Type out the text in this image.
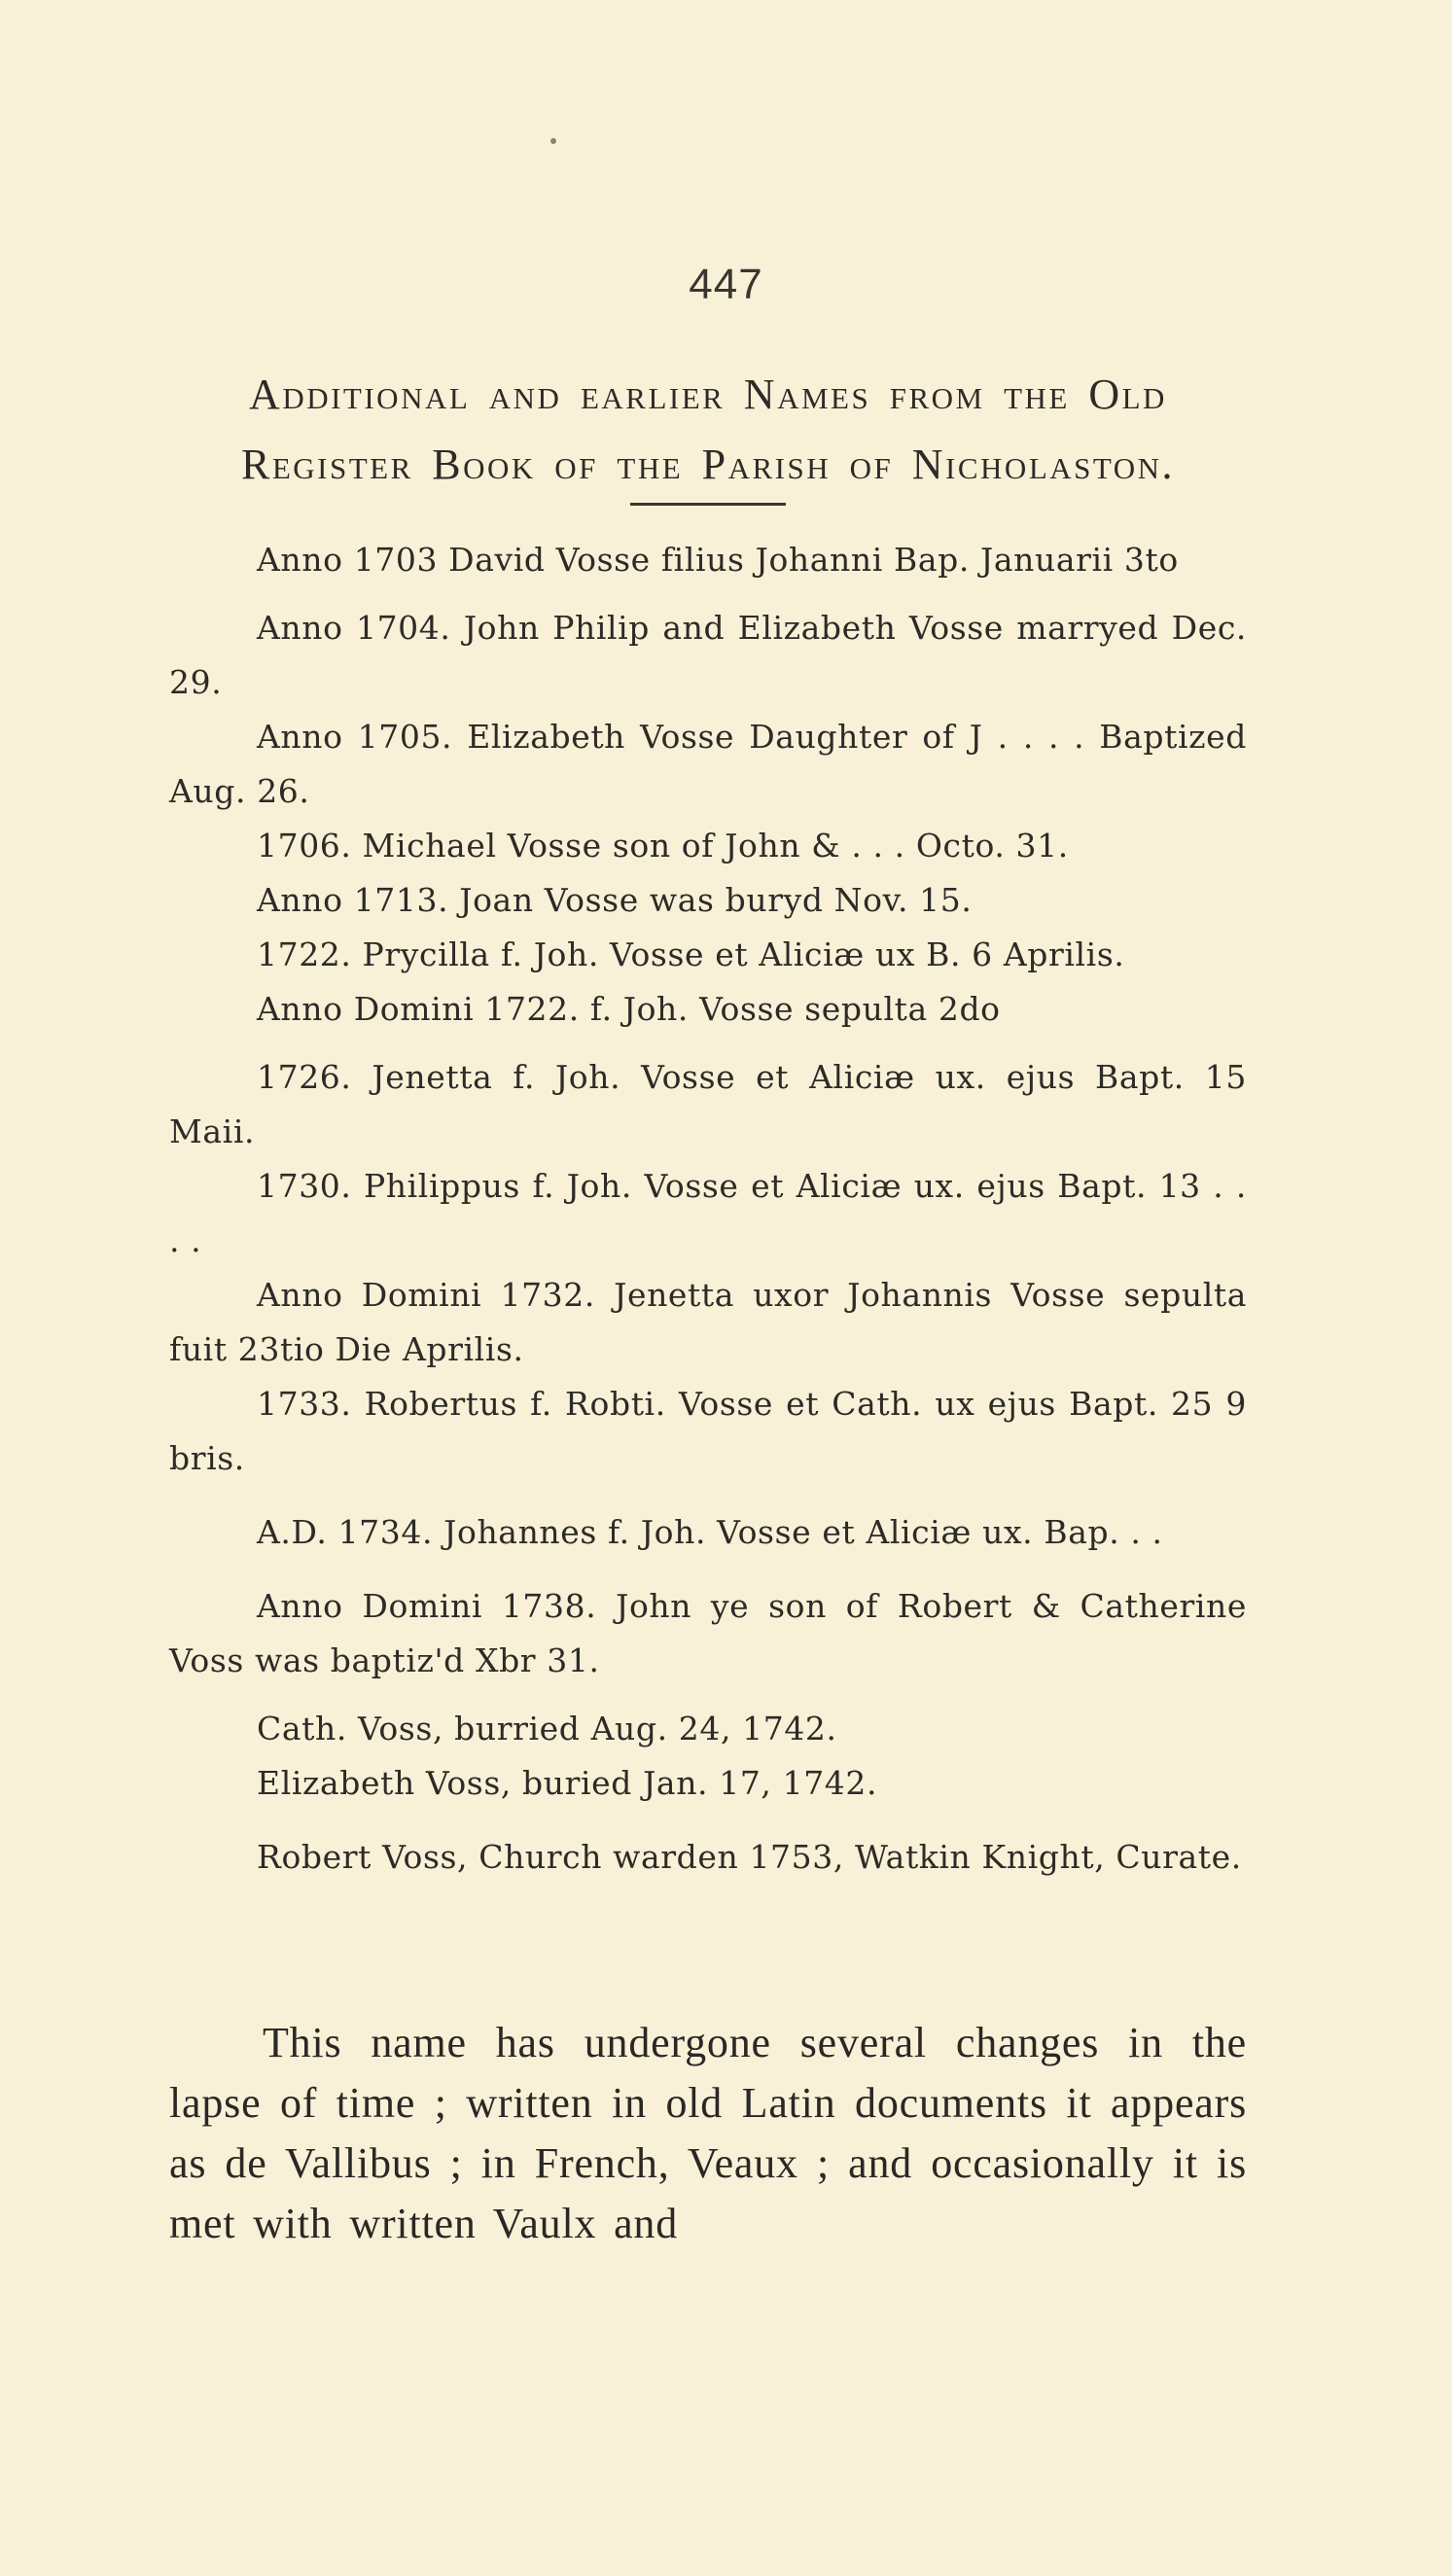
447
Additional and earlier Names from the Old Register Book of the Parish of Nicholaston.

Anno 1703 David Vosse filius Johanni Bap. Januarii 3to

Anno 1704. John Philip and Elizabeth Vosse marryed Dec. 29.

Anno 1705. Elizabeth Vosse Daughter of J . . . . Baptized Aug. 26.

1706. Michael Vosse son of John & . . . Octo. 31.

Anno 1713. Joan Vosse was buryd Nov. 15.

1722. Prycilla f. Joh. Vosse et Aliciæ ux B. 6 Aprilis.

Anno Domini 1722. f. Joh. Vosse sepulta 2do

1726. Jenetta f. Joh. Vosse et Aliciæ ux. ejus Bapt. 15 Maii.

1730. Philippus f. Joh. Vosse et Aliciæ ux. ejus Bapt. 13 . . . .

Anno Domini 1732. Jenetta uxor Johannis Vosse sepulta fuit 23tio Die Aprilis.

1733. Robertus f. Robti. Vosse et Cath. ux ejus Bapt. 25 9 bris.

A.D. 1734. Johannes f. Joh. Vosse et Aliciæ ux. Bap. . .

Anno Domini 1738. John ye son of Robert & Catherine Voss was baptiz'd Xbr 31.

Cath. Voss, burried Aug. 24, 1742.

Elizabeth Voss, buried Jan. 17, 1742.

Robert Voss, Church warden 1753, Watkin Knight, Curate.

This name has undergone several changes in the lapse of time ; written in old Latin documents it appears as de Vallibus ; in French, Veaux ; and occasionally it is met with written Vaulx and
